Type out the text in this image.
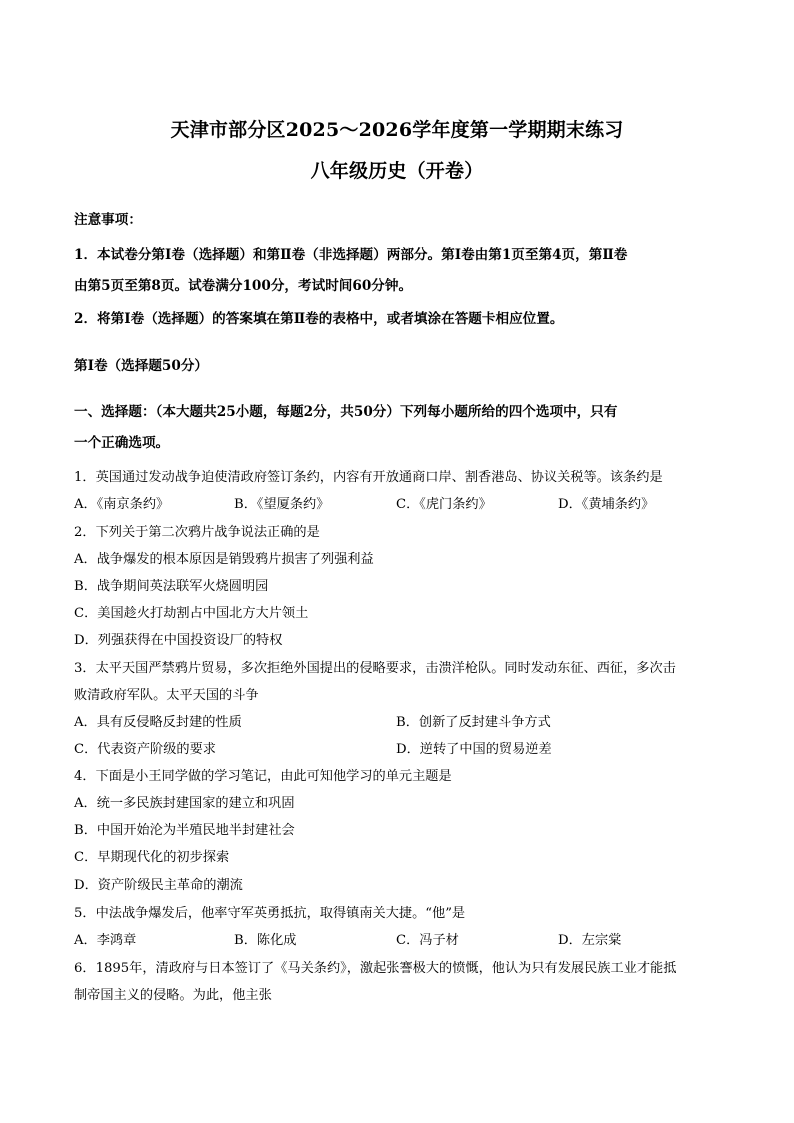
天津市部分区2025～2026学年度第一学期期末练习
八年级历史（开卷）
注意事项：
1．本试卷分第Ⅰ卷（选择题）和第Ⅱ卷（非选择题）两部分。第Ⅰ卷由第1页至第4页，第Ⅱ卷
由第5页至第8页。试卷满分100分，考试时间60分钟。
2．将第Ⅰ卷（选择题）的答案填在第Ⅱ卷的表格中，或者填涂在答题卡相应位置。
第Ⅰ卷（选择题50分）
一、选择题：（本大题共25小题，每题2分，共50分）下列每小题所给的四个选项中，只有
一个正确选项。
1．英国通过发动战争迫使清政府签订条约，内容有开放通商口岸、割香港岛、协议关税等。该条约是
A．《南京条约》	B．《望厦条约》	C．《虎门条约》	D．《黄埔条约》
2．下列关于第二次鸦片战争说法正确的是
A．战争爆发的根本原因是销毁鸦片损害了列强利益
B．战争期间英法联军火烧圆明园
C．美国趁火打劫割占中国北方大片领土
D．列强获得在中国投资设厂的特权
3．太平天国严禁鸦片贸易，多次拒绝外国提出的侵略要求，击溃洋枪队。同时发动东征、西征，多次击
败清政府军队。太平天国的斗争
A．具有反侵略反封建的性质	B．创新了反封建斗争方式
C．代表资产阶级的要求	D．逆转了中国的贸易逆差
4．下面是小王同学做的学习笔记，由此可知他学习的单元主题是
A．统一多民族封建国家的建立和巩固
B．中国开始沦为半殖民地半封建社会
C．早期现代化的初步探索
D．资产阶级民主革命的潮流
5．中法战争爆发后，他率守军英勇抵抗，取得镇南关大捷。“他”是
A．李鸿章	B．陈化成	C．冯子材	D．左宗棠
6．1895年，清政府与日本签订了《马关条约》，激起张謇极大的愤慨，他认为只有发展民族工业才能抵
制帝国主义的侵略。为此，他主张
